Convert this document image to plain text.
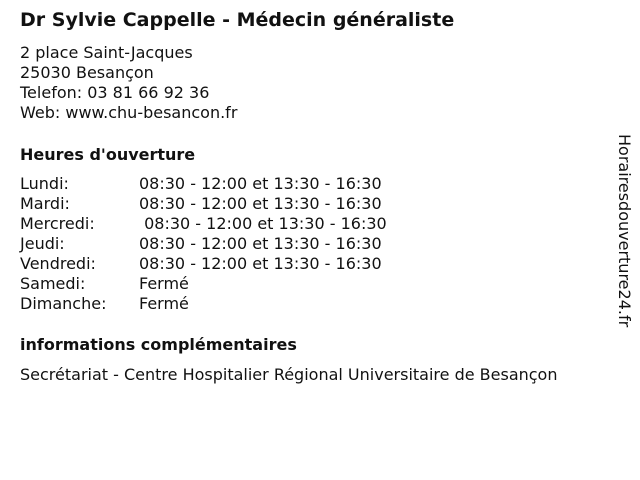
Dr Sylvie Cappelle - Médecin généraliste
2 place Saint-Jacques
25030 Besançon
Telefon: 03 81 66 92 36
Web: www.chu-besancon.fr
Heures d'ouverture
Lundi:	08:30 - 12:00 et 13:30 - 16:30
Mardi:	08:30 - 12:00 et 13:30 - 16:30
Mercredi:	08:30 - 12:00 et 13:30 - 16:30
Jeudi:	08:30 - 12:00 et 13:30 - 16:30
Vendredi:	08:30 - 12:00 et 13:30 - 16:30
Samedi:	Fermé
Dimanche:	Fermé
informations complémentaires
Secrétariat - Centre Hospitalier Régional Universitaire de Besançon
Horairesdouverture24.fr
